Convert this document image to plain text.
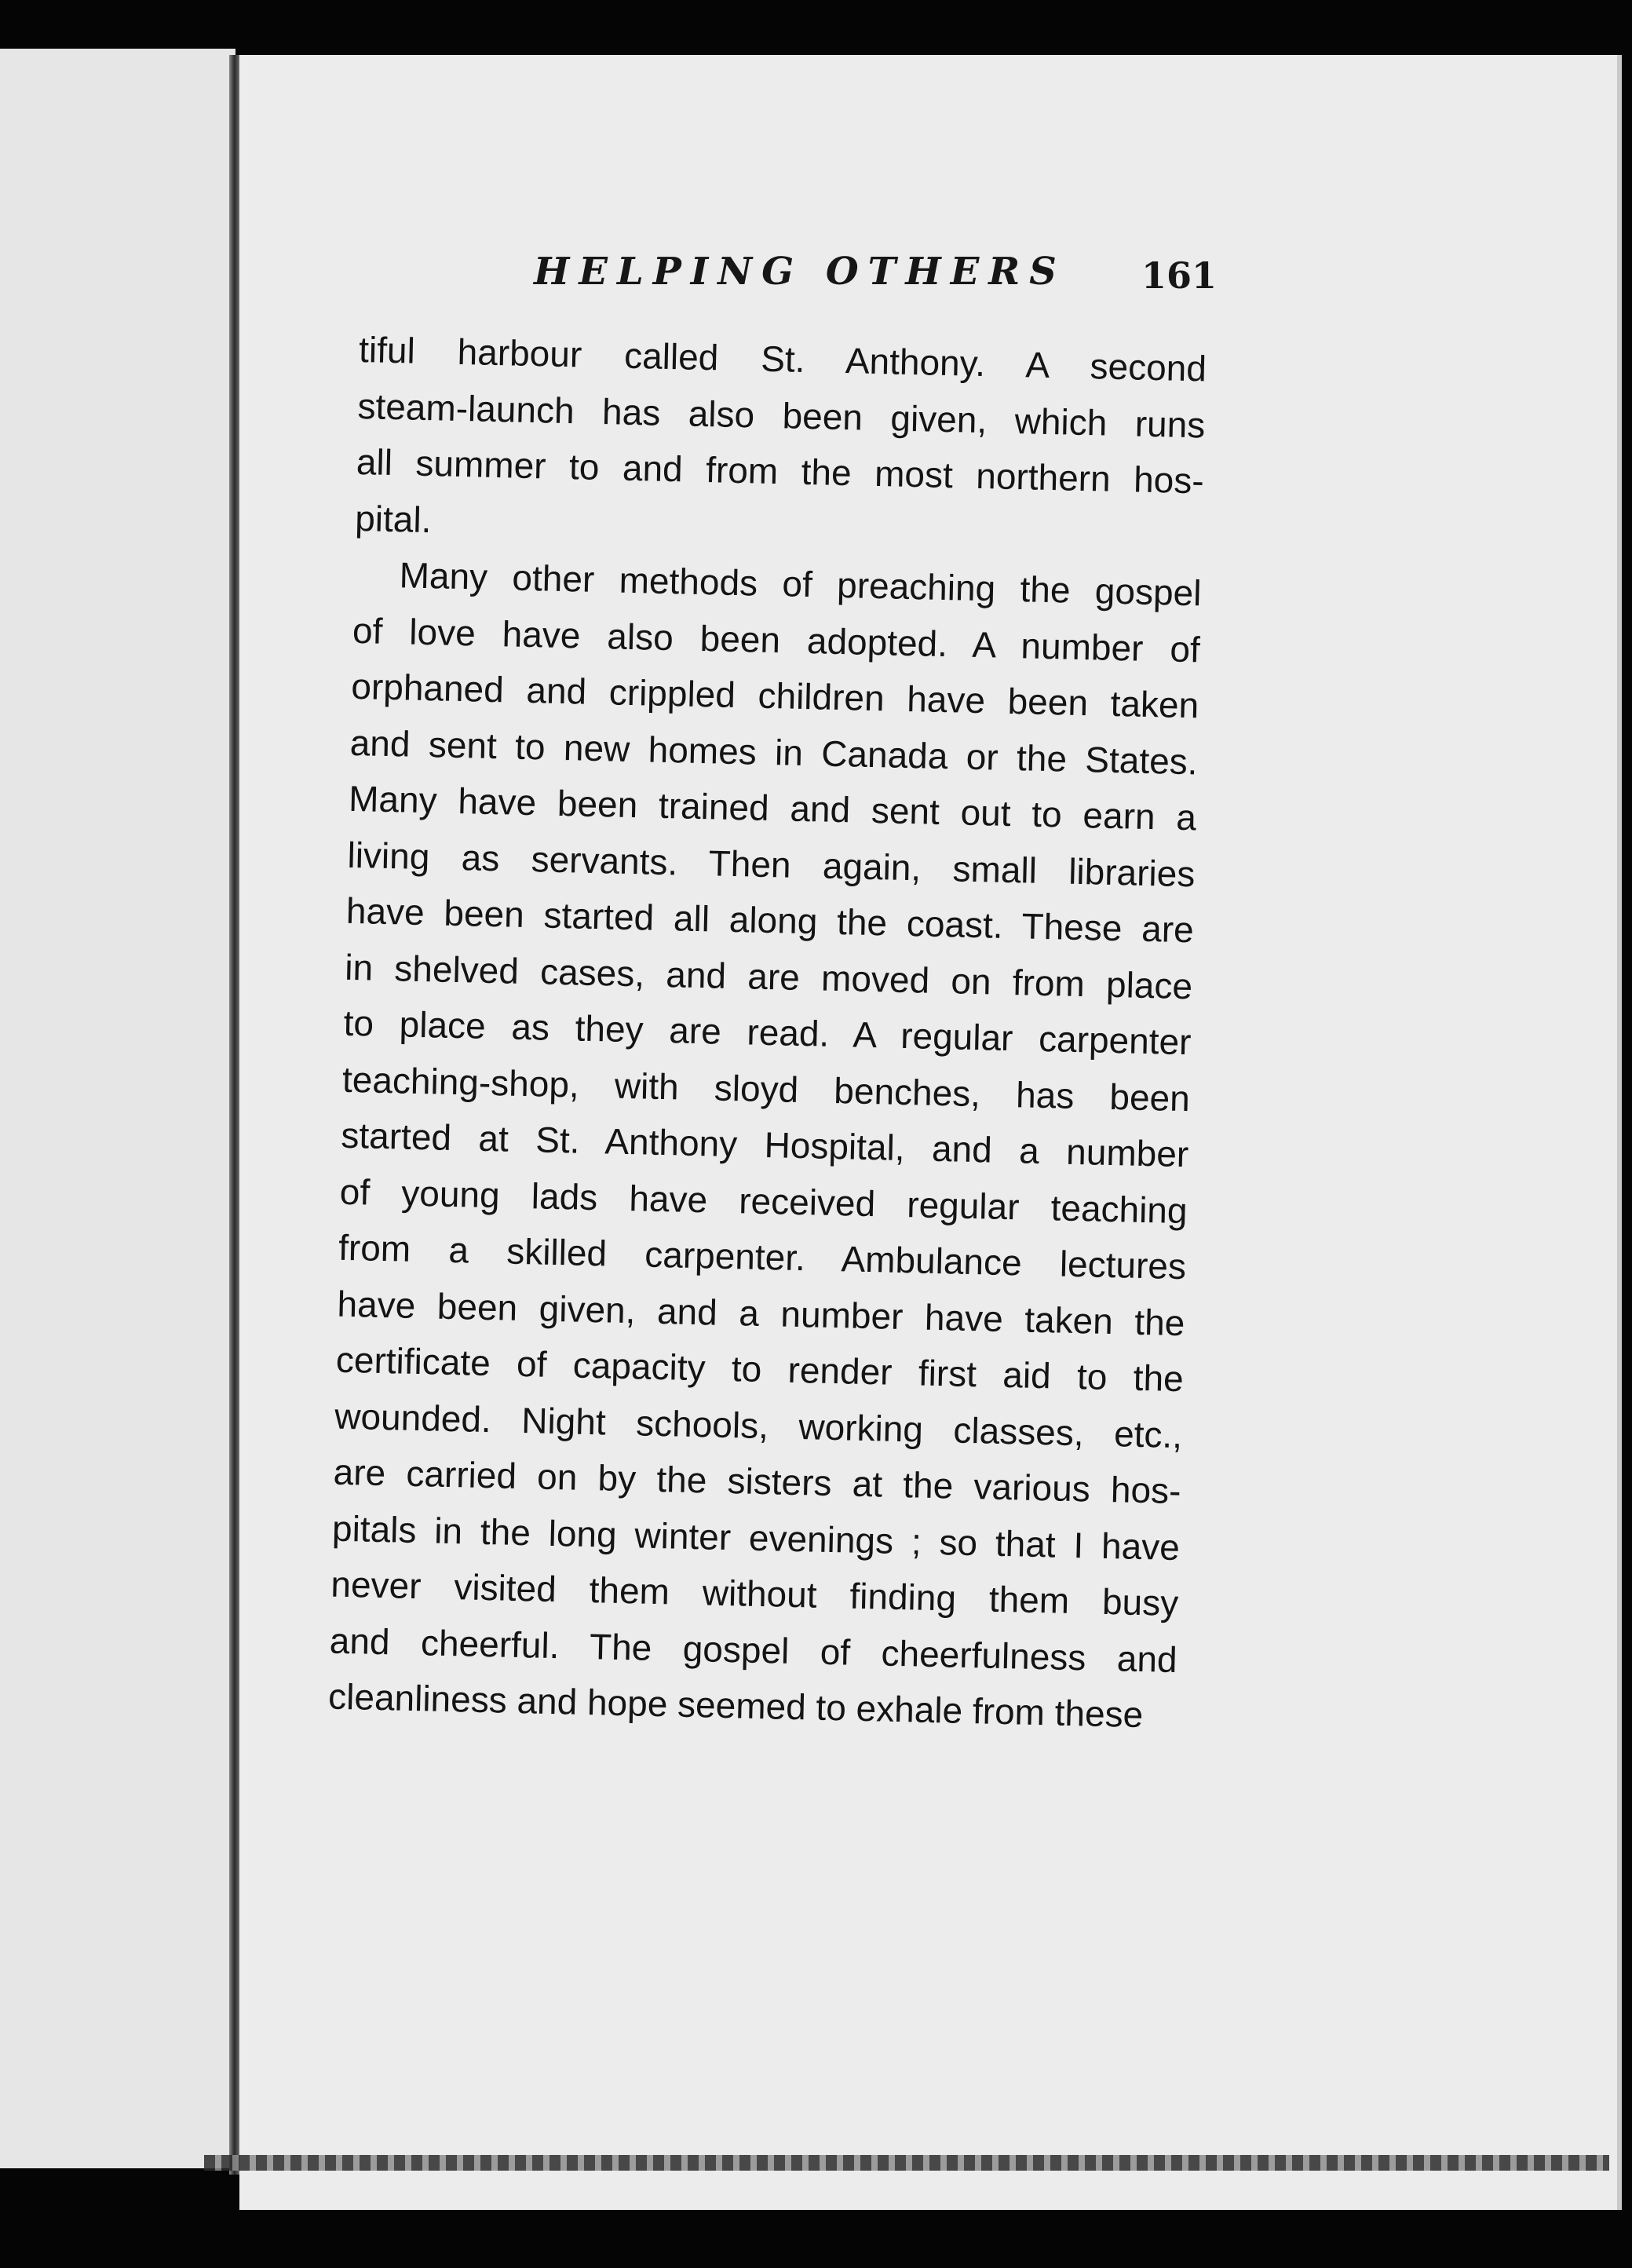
HELPING OTHERS 161
tiful harbour called St. Anthony. A second
steam-launch has also been given, which runs
all summer to and from the most northern hos-
pital.
Many other methods of preaching the gospel
of love have also been adopted. A number of
orphaned and crippled children have been taken
and sent to new homes in Canada or the States.
Many have been trained and sent out to earn a
living as servants. Then again, small libraries
have been started all along the coast. These are
in shelved cases, and are moved on from place
to place as they are read. A regular carpenter
teaching-shop, with sloyd benches, has been
started at St. Anthony Hospital, and a number
of young lads have received regular teaching
from a skilled carpenter. Ambulance lectures
have been given, and a number have taken the
certificate of capacity to render first aid to the
wounded. Night schools, working classes, etc.,
are carried on by the sisters at the various hos-
pitals in the long winter evenings ; so that I have
never visited them without finding them busy
and cheerful. The gospel of cheerfulness and
cleanliness and hope seemed to exhale from these
